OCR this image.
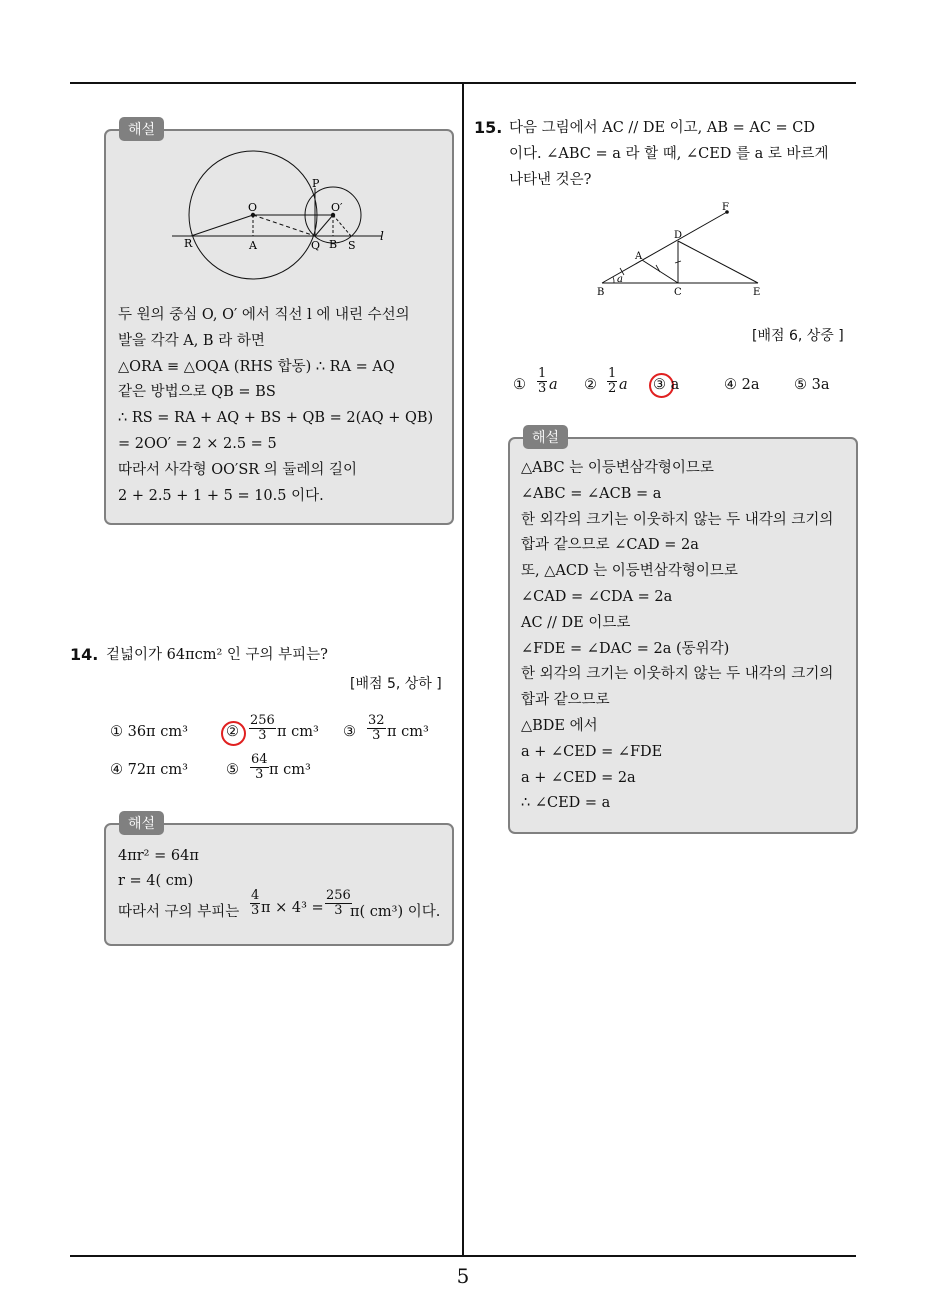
해설
R	A
O
P
O′
Q B S
l
두 원의 중심 O, O′ 에서 직선 l 에 내린 수선의
발을 각각 A, B 라 하면
△ORA ≡ △OQA (RHS 합동) ∴ RA = AQ
같은 방법으로 QB = BS
∴ RS = RA + AQ + BS + QB = 2(AQ + QB)
= 2OO′ = 2 × 2.5 = 5
따라서 사각형 OO′SR 의 둘레의 길이
2 + 2.5 + 1 + 5 = 10.5 이다.
14. 겉넓이가 64πcm² 인 구의 부피는?
[배점 5, 상하 ]
① 36π cm³	② $\frac{256}{3}$ π cm³ ③ $\frac{32}{3}$ π cm³
④ 72π cm³	⑤ $\frac{64}{3}$ π cm³
해설
4πr² = 64π
r = 4( cm)
따라서 구의 부피는 $\frac{4}{3}$ $\pi \times 4^3 = \frac{256}{3}$
π( cm³) 이다.
15. 다음 그림에서 AC // DE 이고, AB = AC = CD
이다. ∠ABC = a 라 할 때, ∠CED 를 a 로 바르게
나타낸 것은?
F
D
A
a
B	C	E
[배점 6, 상중 ]
① $\frac{1}{3}$ a ② $\frac{1}{2}$ a ③ a	④ 2a ⑤ 3a
해설
△ABC 는 이등변삼각형이므로
∠ABC = ∠ACB = a
한 외각의 크기는 이웃하지 않는 두 내각의 크기의
합과 같으므로 ∠CAD = 2a
또, △ACD 는 이등변삼각형이므로
∠CAD = ∠CDA = 2a
AC // DE 이므로
∠FDE = ∠DAC = 2a (동위각)
한 외각의 크기는 이웃하지 않는 두 내각의 크기의
합과 같으므로
△BDE 에서
a + ∠CED = ∠FDE
a + ∠CED = 2a
∴ ∠CED = a
5
